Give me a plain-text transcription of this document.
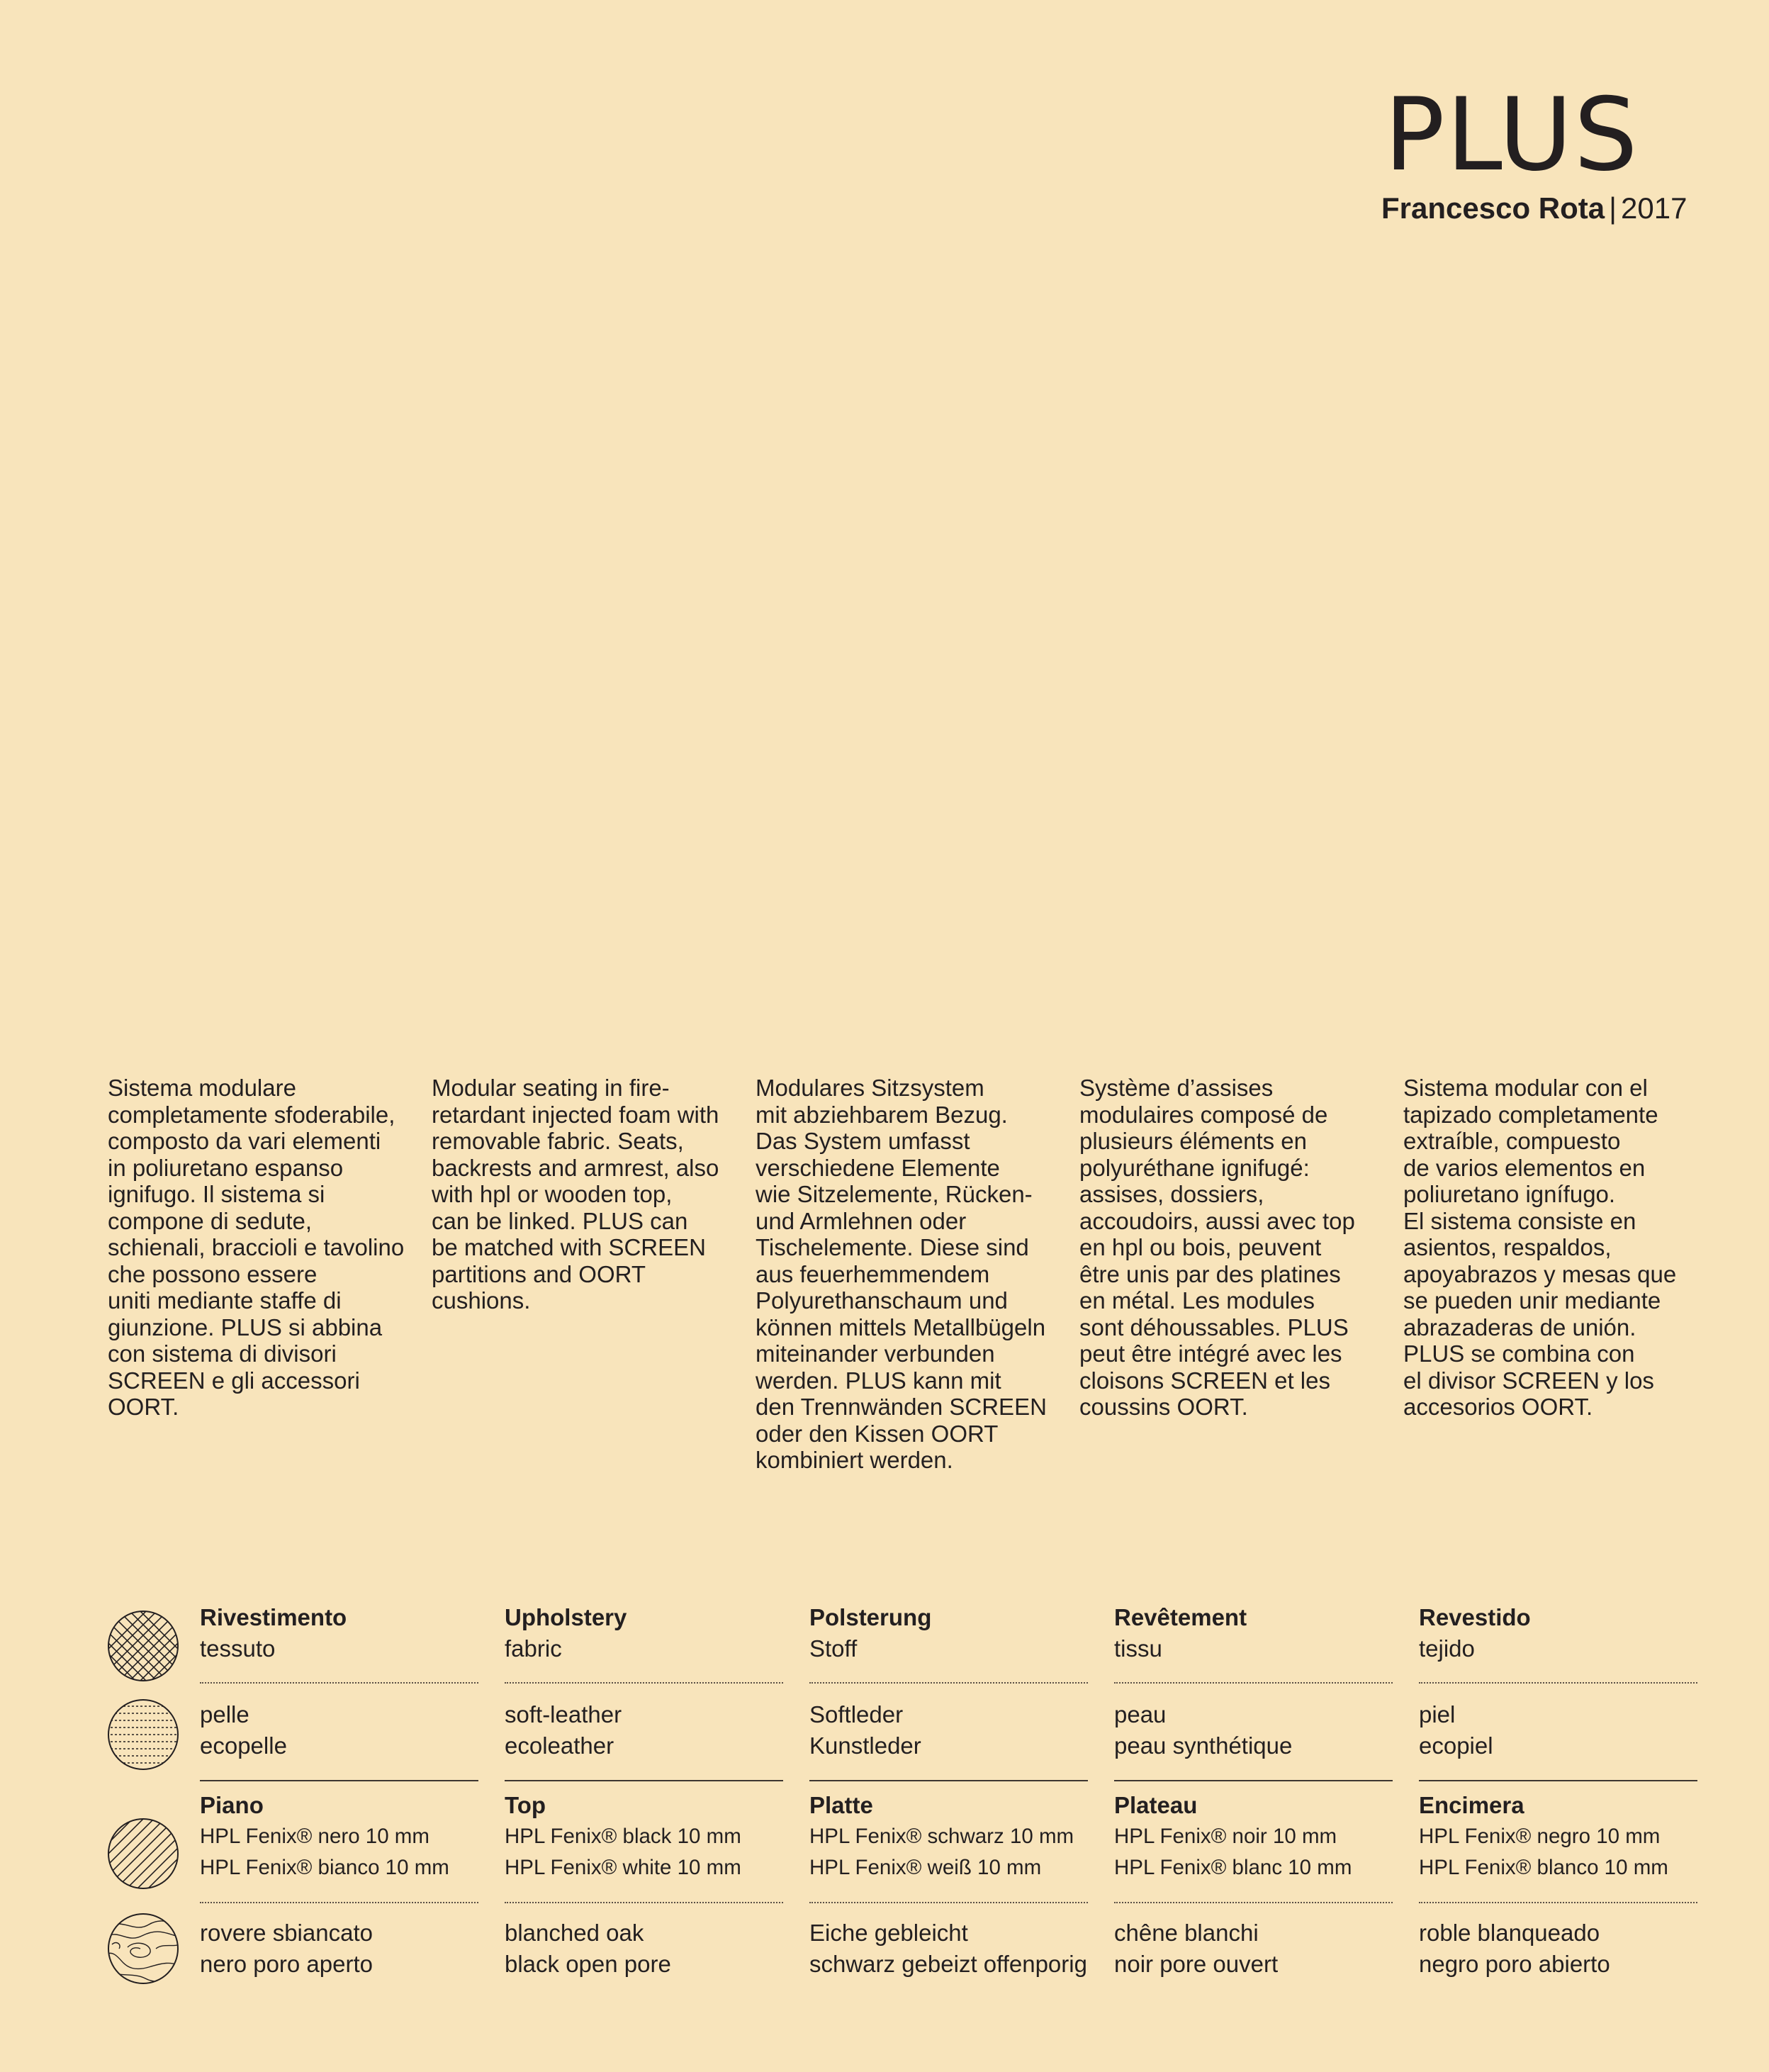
PLUS
Francesco Rota | 2017
Sistema modulare
completamente sfoderabile,
composto da vari elementi
in poliuretano espanso
ignifugo. Il sistema si
compone di sedute,
schienali, braccioli e tavolino
che possono essere
uniti mediante staffe di
giunzione. PLUS si abbina
con sistema di divisori
SCREEN e gli accessori
OORT.
Modular seating in fire-
retardant injected foam with
removable fabric. Seats,
backrests and armrest, also
with hpl or wooden top,
can be linked. PLUS can
be matched with SCREEN
partitions and OORT
cushions.
Modulares Sitzsystem
mit abziehbarem Bezug.
Das System umfasst
verschiedene Elemente
wie Sitzelemente, Rücken-
und Armlehnen oder
Tischelemente. Diese sind
aus feuerhemmendem
Polyurethanschaum und
können mittels Metallbügeln
miteinander verbunden
werden. PLUS kann mit
den Trennwänden SCREEN
oder den Kissen OORT
kombiniert werden.
Système d’assises
modulaires composé de
plusieurs éléments en
polyuréthane ignifugé:
assises, dossiers,
accoudoirs, aussi avec top
en hpl ou bois, peuvent
être unis par des platines
en métal. Les modules
sont déhoussables. PLUS
peut être intégré avec les
cloisons SCREEN et les
coussins OORT.
Sistema modular con el
tapizado completamente
extraíble, compuesto
de varios elementos en
poliuretano ignífugo.
El sistema consiste en
asientos, respaldos,
apoyabrazos y mesas que
se pueden unir mediante
abrazaderas de unión.
PLUS se combina con
el divisor SCREEN y los
accesorios OORT.
Rivestimento
tessuto
pelle
ecopelle
Upholstery
fabric
soft-leather
ecoleather
Polsterung
Stoff
Softleder
Kunstleder
Revêtement
tissu
peau
peau synthétique
Revestido
tejido
piel
ecopiel
Piano
HPL Fenix® nero 10 mm
HPL Fenix® bianco 10 mm
rovere sbiancato
nero poro aperto
Top
HPL Fenix® black 10 mm
HPL Fenix® white 10 mm
blanched oak
black open pore
Platte
HPL Fenix® schwarz 10 mm
HPL Fenix® weiß 10 mm
Eiche gebleicht
schwarz gebeizt offenporig
Plateau
HPL Fenix® noir 10 mm
HPL Fenix® blanc 10 mm
chêne blanchi
noir pore ouvert
Encimera
HPL Fenix® negro 10 mm
HPL Fenix® blanco 10 mm
roble blanqueado
negro poro abierto
